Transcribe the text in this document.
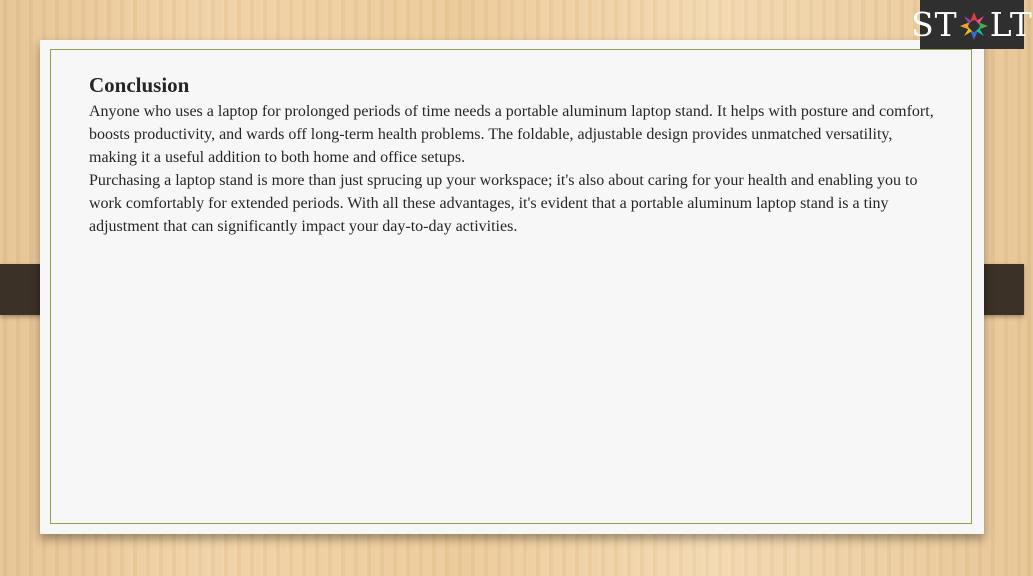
Conclusion

Anyone who uses a laptop for prolonged periods of time needs a portable aluminum laptop stand. It helps with posture and comfort, boosts productivity, and wards off long-term health problems. The foldable, adjustable design provides unmatched versatility, making it a useful addition to both home and office setups.

Purchasing a laptop stand is more than just sprucing up your workspace; it's also about caring for your health and enabling you to work comfortably for extended periods. With all these advantages, it's evident that a portable aluminum laptop stand is a tiny adjustment that can significantly impact your day-to-day activities.

ST LT
